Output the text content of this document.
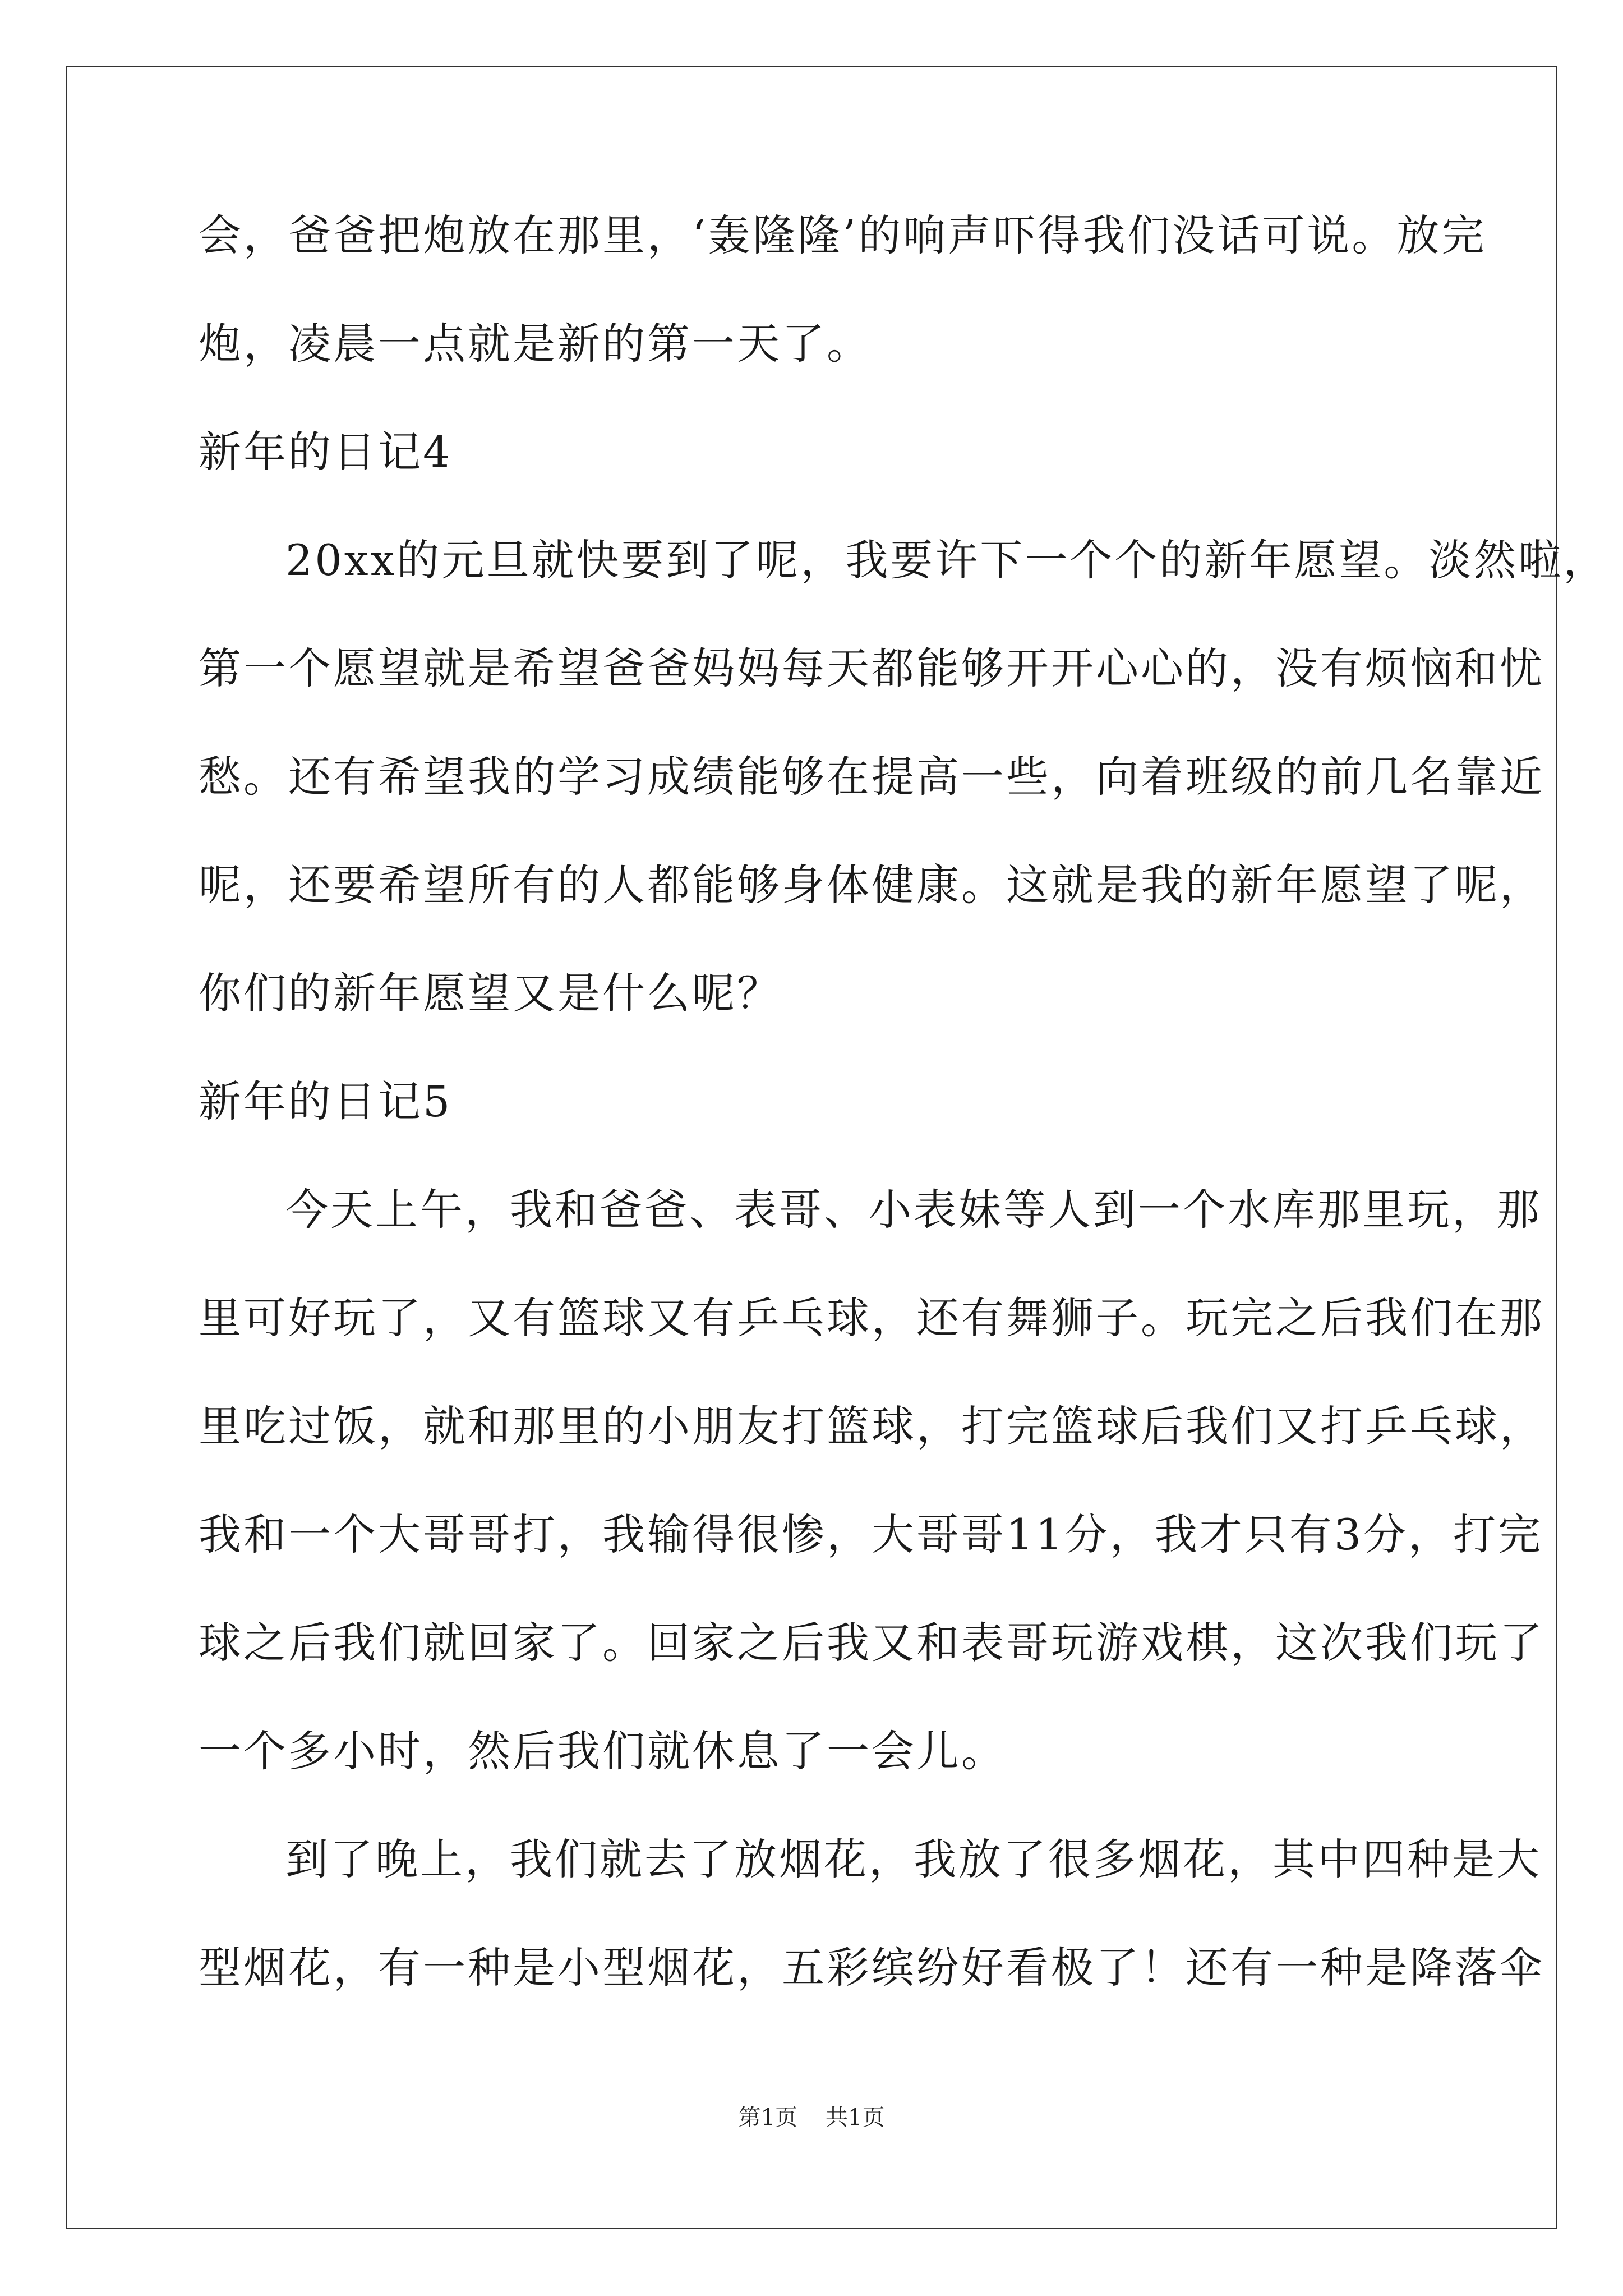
会，爸爸把炮放在那里，‘轰隆隆’的响声吓得我们没话可说。放完
炮，凌晨一点就是新的第一天了。
新年的日记4
20xx的元旦就快要到了呢，我要许下一个个的新年愿望。淡然啦，
第一个愿望就是希望爸爸妈妈每天都能够开开心心的，没有烦恼和忧
愁。还有希望我的学习成绩能够在提高一些，向着班级的前几名靠近
呢，还要希望所有的人都能够身体健康。这就是我的新年愿望了呢，
你们的新年愿望又是什么呢？
新年的日记5
今天上午，我和爸爸、表哥、小表妹等人到一个水库那里玩，那
里可好玩了，又有篮球又有乒乓球，还有舞狮子。玩完之后我们在那
里吃过饭，就和那里的小朋友打篮球，打完篮球后我们又打乒乓球，
我和一个大哥哥打，我输得很惨，大哥哥11分，我才只有3分，打完
球之后我们就回家了。回家之后我又和表哥玩游戏棋，这次我们玩了
一个多小时，然后我们就休息了一会儿。
到了晚上，我们就去了放烟花，我放了很多烟花，其中四种是大
型烟花，有一种是小型烟花，五彩缤纷好看极了！还有一种是降落伞
第1页 共1页
